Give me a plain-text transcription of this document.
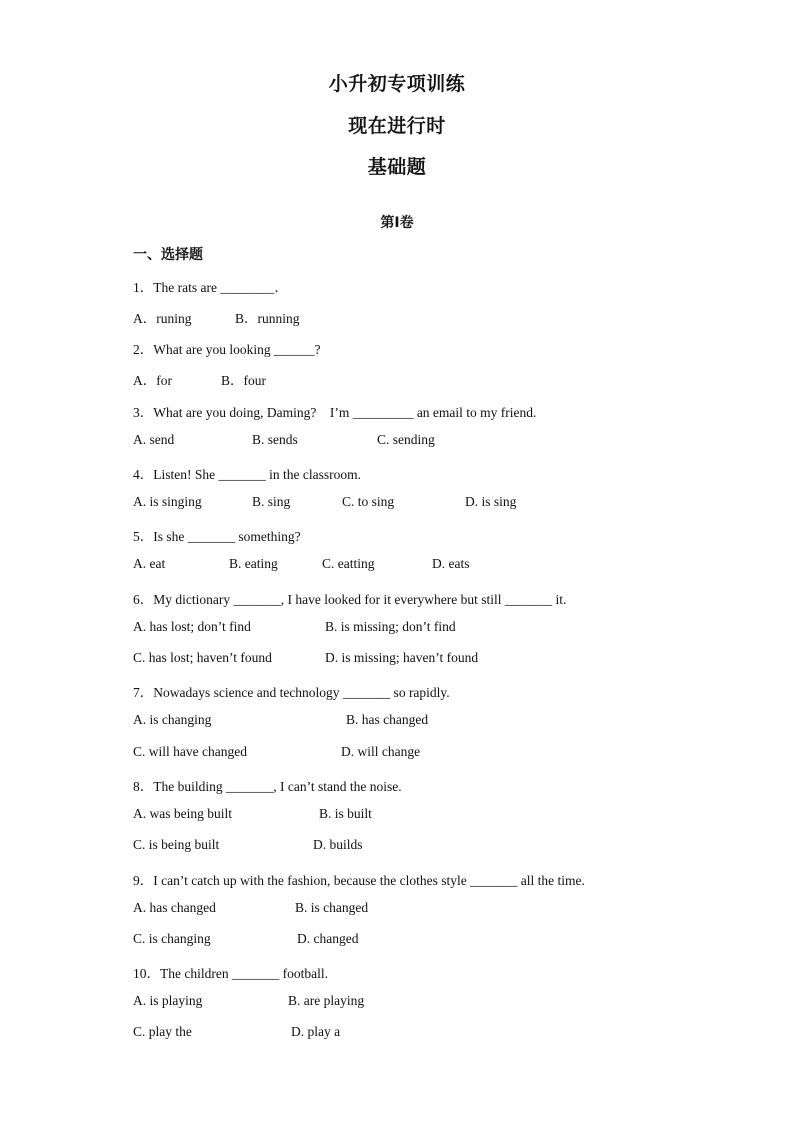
小升初专项训练
现在进行时
基础题
第I卷
一、选择题
1．The rats are ________．
A．runing	B．running
2．What are you looking ______?
A．for	B．four
3．What are you doing, Daming?    I’m _________ an email to my friend.
A. send	B. sends	C. sending
4．Listen! She _______ in the classroom.
A. is singing	B. sing	C. to sing	D. is sing
5．Is she _______ something?
A. eat	B. eating	C. eatting	D. eats
6．My dictionary _______, I have looked for it everywhere but still _______ it.
A. has lost; don’t find	B. is missing; don’t find
C. has lost; haven’t found	D. is missing; haven’t found
7．Nowadays science and technology _______ so rapidly.
A. is changing	B. has changed
C. will have changed	D. will change
8．The building _______, I can’t stand the noise.
A. was being built	B. is built
C. is being built	D. builds
9．I can’t catch up with the fashion, because the clothes style _______ all the time.
A. has changed	B. is changed
C. is changing	D. changed
10．The children _______ football.
A. is playing	B. are playing
C. play the	D. play a
